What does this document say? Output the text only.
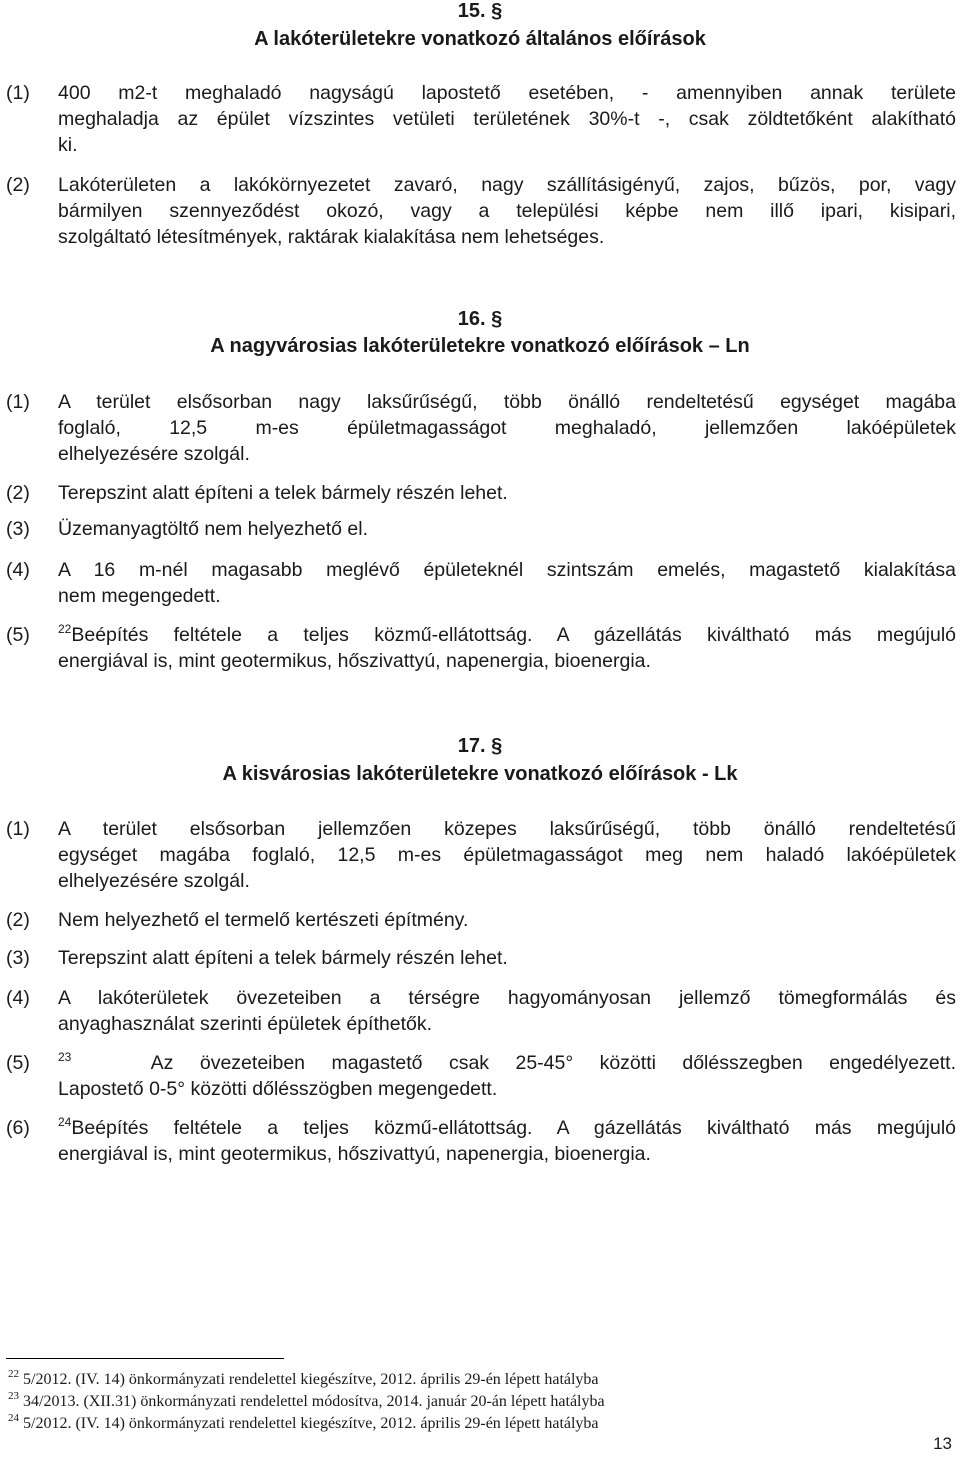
15. §
A lakóterületekre vonatkozó általános előírások
(1) 400 m2-t meghaladó nagyságú lapostető esetében, - amennyiben annak területe
meghaladja az épület vízszintes vetületi területének 30%-t -, csak zöldtetőként alakítható
ki.
(2) Lakóterületen a lakókörnyezetet zavaró, nagy szállításigényű, zajos, bűzös, por, vagy
bármilyen szennyeződést okozó, vagy a települési képbe nem illő ipari, kisipari,
szolgáltató létesítmények, raktárak kialakítása nem lehetséges.
16. §
A nagyvárosias lakóterületekre vonatkozó előírások – Ln
(1) A terület elsősorban nagy laksűrűségű, több önálló rendeltetésű egységet magába
foglaló, 12,5 m-es épületmagasságot meghaladó, jellemzően lakóépületek
elhelyezésére szolgál.
(2) Terepszint alatt építeni a telek bármely részén lehet.
(3) Üzemanyagtöltő nem helyezhető el.
(4) A 16 m-nél magasabb meglévő épületeknél szintszám emelés, magastető kialakítása
nem megengedett.
(5) $^{22}$Beépítés feltétele a teljes közmű-ellátottság. A gázellátás kiváltható más megújuló
energiával is, mint geotermikus, hőszivattyú, napenergia, bioenergia.
17. §
A kisvárosias lakóterületekre vonatkozó előírások - Lk
(1) A terület elsősorban jellemzően közepes laksűrűségű, több önálló rendeltetésű
egységet magába foglaló, 12,5 m-es épületmagasságot meg nem haladó lakóépületek
elhelyezésére szolgál.
(2) Nem helyezhető el termelő kertészeti építmény.
(3) Terepszint alatt építeni a telek bármely részén lehet.
(4) A lakóterületek övezeteiben a térségre hagyományosan jellemző tömegformálás és
anyaghasználat szerinti épületek építhetők.
(5) $^{23}$	Az övezeteiben magastető csak 25-45° közötti dőlésszegben engedélyezett.
Lapostető 0-5° közötti dőlésszögben megengedett.
(6) $^{24}$Beépítés feltétele a teljes közmű-ellátottság. A gázellátás kiváltható más megújuló
energiával is, mint geotermikus, hőszivattyú, napenergia, bioenergia.
$^{22}$ 5/2012. (IV. 14) önkormányzati rendelettel kiegészítve, 2012. április 29-én lépett hatályba
$^{23}$ 34/2013. (XII.31) önkormányzati rendelettel módosítva, 2014. január 20-án lépett hatályba
$^{24}$ 5/2012. (IV. 14) önkormányzati rendelettel kiegészítve, 2012. április 29-én lépett hatályba
13
